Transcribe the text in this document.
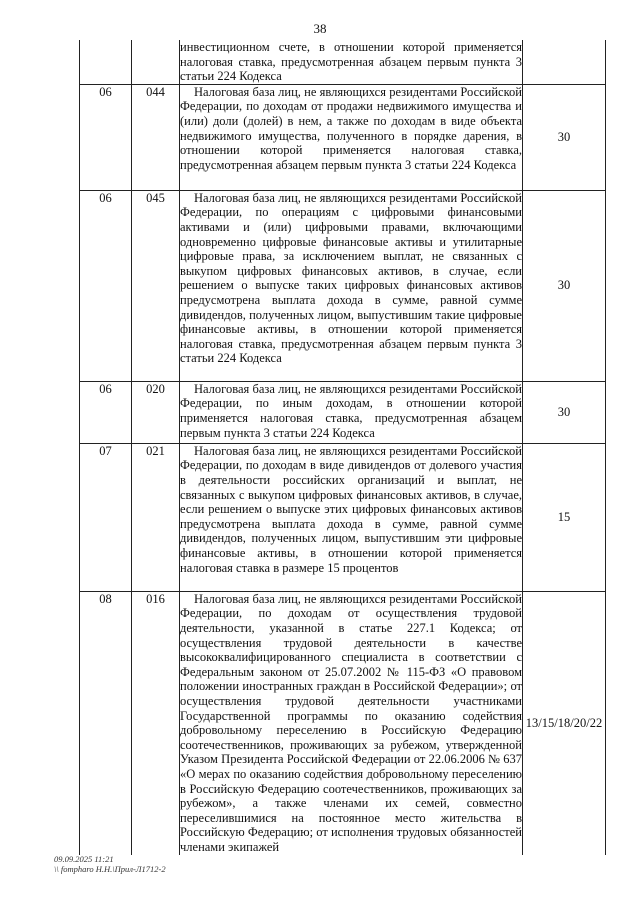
38

		инвестиционном счете, в отношении которой применяется налоговая ставка, предусмотренная абзацем первым пункта 3 статьи 224 Кодекса	

06	044	Налоговая база лиц, не являющихся резидентами Российской Федерации, по доходам от продажи недвижимого имущества и (или) доли (долей) в нем, а также по доходам в виде объекта недвижимого имущества, полученного в порядке дарения, в отношении которой применяется налоговая ставка, предусмотренная абзацем первым пункта 3 статьи 224 Кодекса	30
06	045	Налоговая база лиц, не являющихся резидентами Российской Федерации, по операциям с цифровыми финансовыми активами и (или) цифровыми правами, включающими одновременно цифровые финансовые активы и утилитарные цифровые права, за исключением выплат, не связанных с выкупом цифровых финансовых активов, в случае, если решением о выпуске таких цифровых финансовых активов предусмотрена выплата дохода в сумме, равной сумме дивидендов, полученных лицом, выпустившим такие цифровые финансовые активы, в отношении которой применяется налоговая ставка, предусмотренная абзацем первым пункта 3 статьи 224 Кодекса	30
06	020	Налоговая база лиц, не являющихся резидентами Российской Федерации, по иным доходам, в отношении которой применяется налоговая ставка, предусмотренная абзацем первым пункта 3 статьи 224 Кодекса	30
07	021	Налоговая база лиц, не являющихся резидентами Российской Федерации, по доходам в виде дивидендов от долевого участия в деятельности российских организаций и выплат, не связанных с выкупом цифровых финансовых активов, в случае, если решением о выпуске этих цифровых финансовых активов предусмотрена выплата дохода в сумме, равной сумме дивидендов, полученных лицом, выпустившим эти цифровые финансовые активы, в отношении которой применяется налоговая ставка в размере 15 процентов	15
08	016	Налоговая база лиц, не являющихся резидентами Российской Федерации, по доходам от осуществления трудовой деятельности, указанной в статье 227.1 Кодекса; от осуществления трудовой деятельности в качестве высококвалифицированного специалиста в соответствии с Федеральным законом от 25.07.2002 № 115-ФЗ «О правовом положении иностранных граждан в Российской Федерации»; от осуществления трудовой деятельности участниками Государственной программы по оказанию содействия добровольному переселению в Российскую Федерацию соотечественников, проживающих за рубежом, утвержденной Указом Президента Российской Федерации от 22.06.2006 № 637 «О мерах по оказанию содействия добровольному переселению в Российскую Федерацию соотечественников, проживающих за рубежом», а также членами их семей, совместно переселившимися на постоянное место жительства в Российскую Федерацию; от исполнения трудовых обязанностей членами экипажей	13/15/18/20/22
09.09.2025 11:21
\\ fompharo Н.Н.\Прил-Л1712-2
